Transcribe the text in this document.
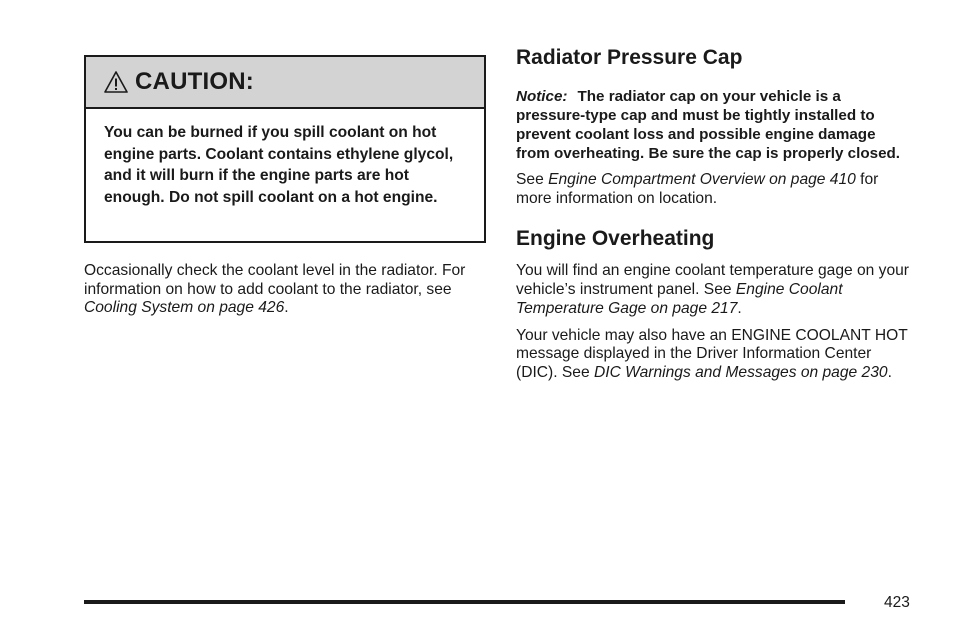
CAUTION:
You can be burned if you spill coolant on hot engine parts. Coolant contains ethylene glycol, and it will burn if the engine parts are hot enough. Do not spill coolant on a hot engine.

Occasionally check the coolant level in the radiator. For information on how to add coolant to the radiator, see Cooling System on page 426.

Radiator Pressure Cap

Notice: The radiator cap on your vehicle is a pressure-type cap and must be tightly installed to prevent coolant loss and possible engine damage from overheating. Be sure the cap is properly closed.

See Engine Compartment Overview on page 410 for more information on location.

Engine Overheating

You will find an engine coolant temperature gage on your vehicle’s instrument panel. See Engine Coolant Temperature Gage on page 217.

Your vehicle may also have an ENGINE COOLANT HOT message displayed in the Driver Information Center (DIC). See DIC Warnings and Messages on page 230.

423
